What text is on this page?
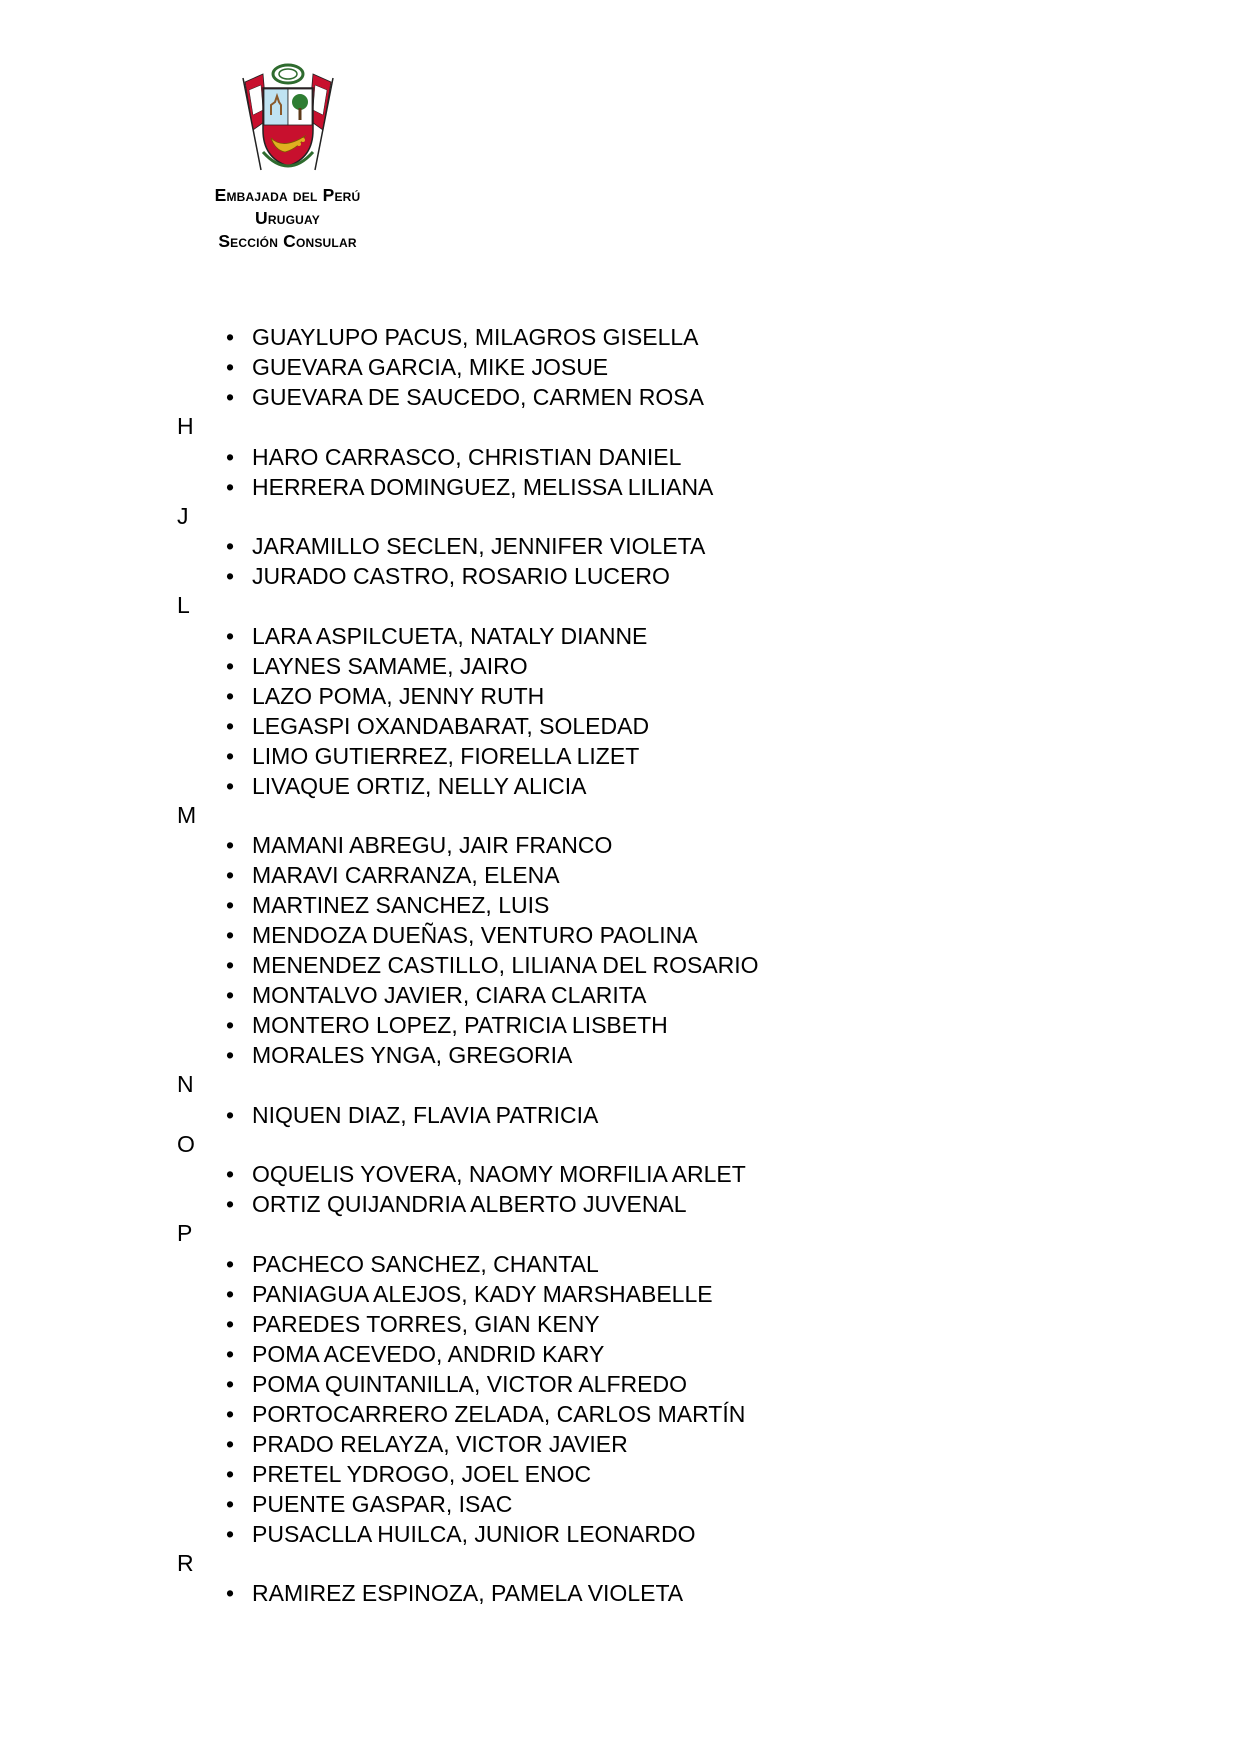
Embajada del Perú

Uruguay

Sección Consular

• GUAYLUPO PACUS, MILAGROS GISELLA
• GUEVARA GARCIA, MIKE JOSUE
• GUEVARA DE SAUCEDO, CARMEN ROSA
H
• HARO CARRASCO, CHRISTIAN DANIEL
• HERRERA DOMINGUEZ, MELISSA LILIANA
J
• JARAMILLO SECLEN, JENNIFER VIOLETA
• JURADO CASTRO, ROSARIO LUCERO
L
• LARA ASPILCUETA, NATALY DIANNE
• LAYNES SAMAME, JAIRO
• LAZO POMA, JENNY RUTH
• LEGASPI OXANDABARAT, SOLEDAD
• LIMO GUTIERREZ, FIORELLA LIZET
• LIVAQUE ORTIZ, NELLY ALICIA
M
• MAMANI ABREGU, JAIR FRANCO
• MARAVI CARRANZA, ELENA
• MARTINEZ SANCHEZ, LUIS
• MENDOZA DUEÑAS, VENTURO PAOLINA
• MENENDEZ CASTILLO, LILIANA DEL ROSARIO
• MONTALVO JAVIER, CIARA CLARITA
• MONTERO LOPEZ, PATRICIA LISBETH
• MORALES YNGA, GREGORIA
N
• NIQUEN DIAZ, FLAVIA PATRICIA
O
• OQUELIS YOVERA, NAOMY MORFILIA ARLET
• ORTIZ QUIJANDRIA ALBERTO JUVENAL
P
• PACHECO SANCHEZ, CHANTAL
• PANIAGUA ALEJOS, KADY MARSHABELLE
• PAREDES TORRES, GIAN KENY
• POMA ACEVEDO, ANDRID KARY
• POMA QUINTANILLA, VICTOR ALFREDO
• PORTOCARRERO ZELADA, CARLOS MARTÍN
• PRADO RELAYZA, VICTOR JAVIER
• PRETEL YDROGO, JOEL ENOC
• PUENTE GASPAR, ISAC
• PUSACLLA HUILCA, JUNIOR LEONARDO
R
• RAMIREZ ESPINOZA, PAMELA VIOLETA
